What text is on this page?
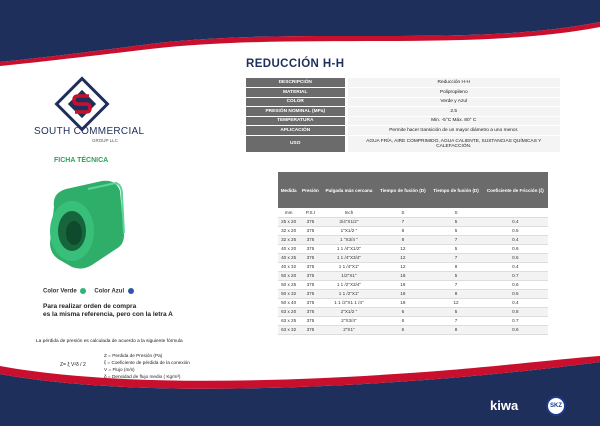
SOUTH COMMERCIAL
GROUP LLC
FICHA TÉCNICA
Color Verde	Color Azul
Para realizar orden de compra
es la misma referencia, pero con la letra A
La pérdida de presión es calculada de acuerdo a la siguiente fórmula
Z= ξ V²δ / 2
Z = Perdida de Presión (Pa)
ξ = Coeficiente de pérdida de la conexión
V = Flujo (m/s)
δ = Densidad de flujo medio ( Kg/m³)
REDUCCIÓN H-H
DESCRIPCIÓN	Reducción H-H
MATERIAL	Polipropileno
COLOR	Verde y Azul
PRESIÓN NOMINAL (MPa)	2.5
TEMPERATURA	Min. -5°C Máx. 80° C
APLICACIÓN	Permite hacer transición de un mayor diámetro a uno menor.
USO	AGUA FRÍA, AIRE COMPRIMIDO, AGUA CALIENTE, SUSTANCIAS QUÍMICAS Y CALEFACCIÓN.
Medida	Presión	Pulgada más cercana	Tiempo de fusión (D)	Tiempo de fusión (D)	Coeficiente de Fricción (ξ)
mm	P.S.I	Inch	S	S	
25 x 20	375	3/4"X1/2"	7	5	0.4
32 x 20	375	1"X1/2 "	8	5	0.5
32 x 25	375	1 "X3/4 "	8	7	0.4
40 x 20	375	1 1 /4"X1/2"	12	5	0.6
40 x 25	375	1 1 /4"X3/4"	12	7	0.5
40 x 32	375	1 1 /4"X1"	12	8	0.4
50 x 20	375	1/2"X1"	18	5	0.7
50 x 25	375	1 1 /2"X3/4"	18	7	0.6
50 x 32	375	1 1 /2"X1"	18	8	0.5
50 x 40	375	1 1 /2"X1 1 /4"	18	12	0.4
63 x 20	375	2"X1/2 "	6	5	0.8
63 x 25	375	2"X3/4"	6	7	0.7
63 x 32	375	2"X1"	6	8	0.6
kiwa	SKZ
